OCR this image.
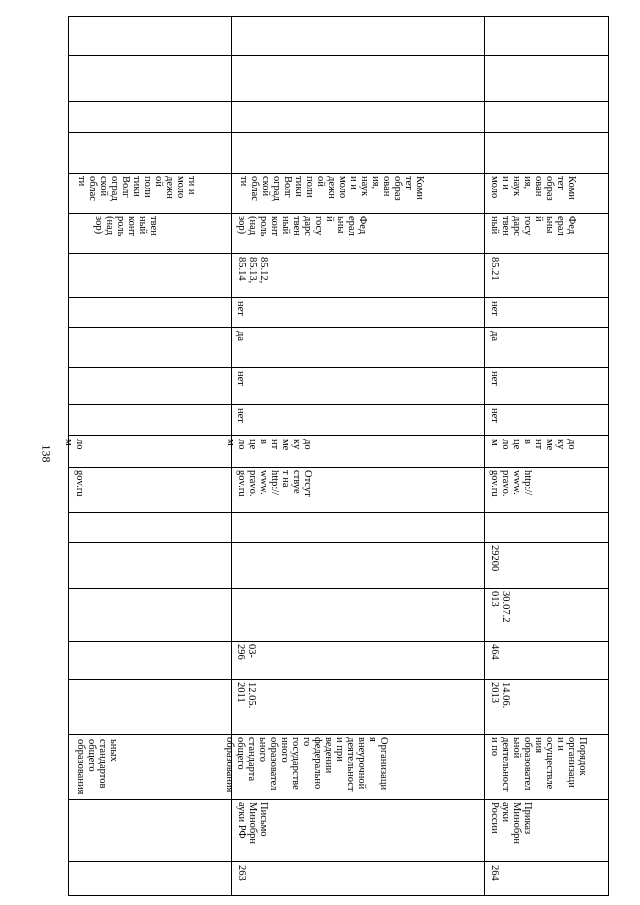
138
ьных
стандартов
общего
образования
gov.ru
ло
м
твен
ный
конт
роль
(над
зор)
ти и
моло
дежн
ой
поли
тики
Волг
оград
ской
облас
ти
263
Письмо
Минобрн
ауки РФ
Организаци
я
внеурочной
деятельност
и при
ведении
федерально
го
государстве
нного
образовател
ьного
стандарта
общего
образования
12.05.
2011
03-
296
Отсут
ствуе
т на
http://
www.
pravo.
gov.ru
до
ку
ме
нт
в
це
ло
м
нет
нет
да
нет
85.12,
85.13,
85.14
Фед
ерал
ьны
й
госу
дарс
твен
ный
конт
роль
(над
зор)
Коми
тет
образ
ован
ия,
наук
и и
моло
дежн
ой
поли
тики
Волг
оград
ской
облас
ти
264
Приказ
Минобрн
ауки
России
Порядок
организаци
и и
осуществле
ния
образовател
ьной
деятельност
и по
14.06.
2013
464
30.07.2
013
29200
http://
www.
pravo.
gov.ru
до
ку
ме
нт
в
це
ло
м
нет
нет
да
нет
85.21
Фед
ерал
ьны
й
госу
дарс
твен
ный
Коми
тет
образ
ован
ия,
наук
и и
моло
